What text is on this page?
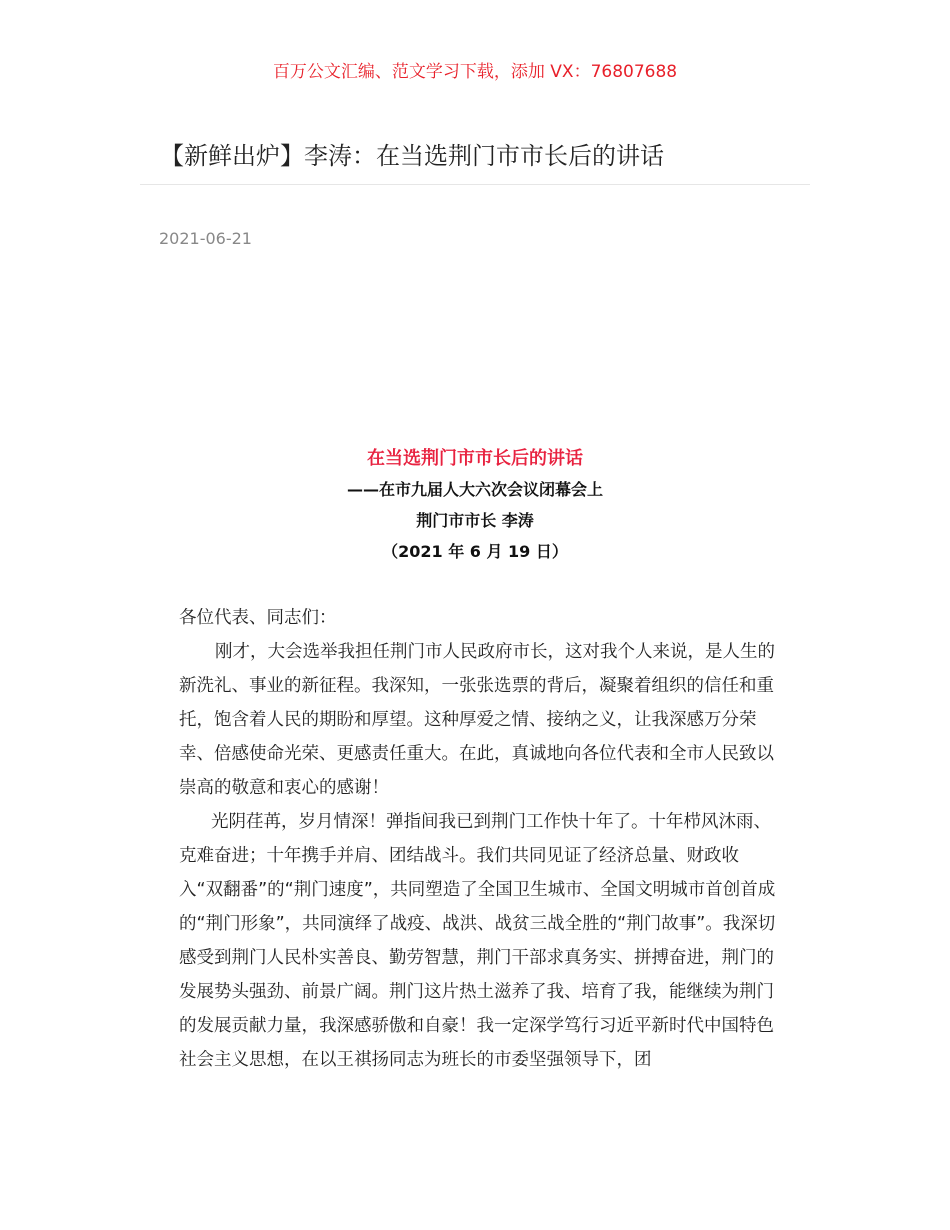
百万公文汇编、范文学习下载，添加 VX：76807688
【新鲜出炉】李涛：在当选荆门市市长后的讲话
2021-06-21
在当选荆门市市长后的讲话
——在市九届人大六次会议闭幕会上
荆门市市长 李涛
（2021 年 6 月 19 日）

各位代表、同志们：

刚才，大会选举我担任荆门市人民政府市长，这对我个人来说，是人生的新洗礼、事业的新征程。我深知，一张张选票的背后，凝聚着组织的信任和重托，饱含着人民的期盼和厚望。这种厚爱之情、接纳之义，让我深感万分荣幸、倍感使命光荣、更感责任重大。在此，真诚地向各位代表和全市人民致以崇高的敬意和衷心的感谢！

光阴荏苒，岁月情深！弹指间我已到荆门工作快十年了。十年栉风沐雨、克难奋进；十年携手并肩、团结战斗。我们共同见证了经济总量、财政收入“双翻番”的“荆门速度”，共同塑造了全国卫生城市、全国文明城市首创首成的“荆门形象”，共同演绎了战疫、战洪、战贫三战全胜的“荆门故事”。我深切感受到荆门人民朴实善良、勤劳智慧，荆门干部求真务实、拼搏奋进，荆门的发展势头强劲、前景广阔。荆门这片热土滋养了我、培育了我，能继续为荆门的发展贡献力量，我深感骄傲和自豪！我一定深学笃行习近平新时代中国特色社会主义思想，在以王祺扬同志为班长的市委坚强领导下，团
